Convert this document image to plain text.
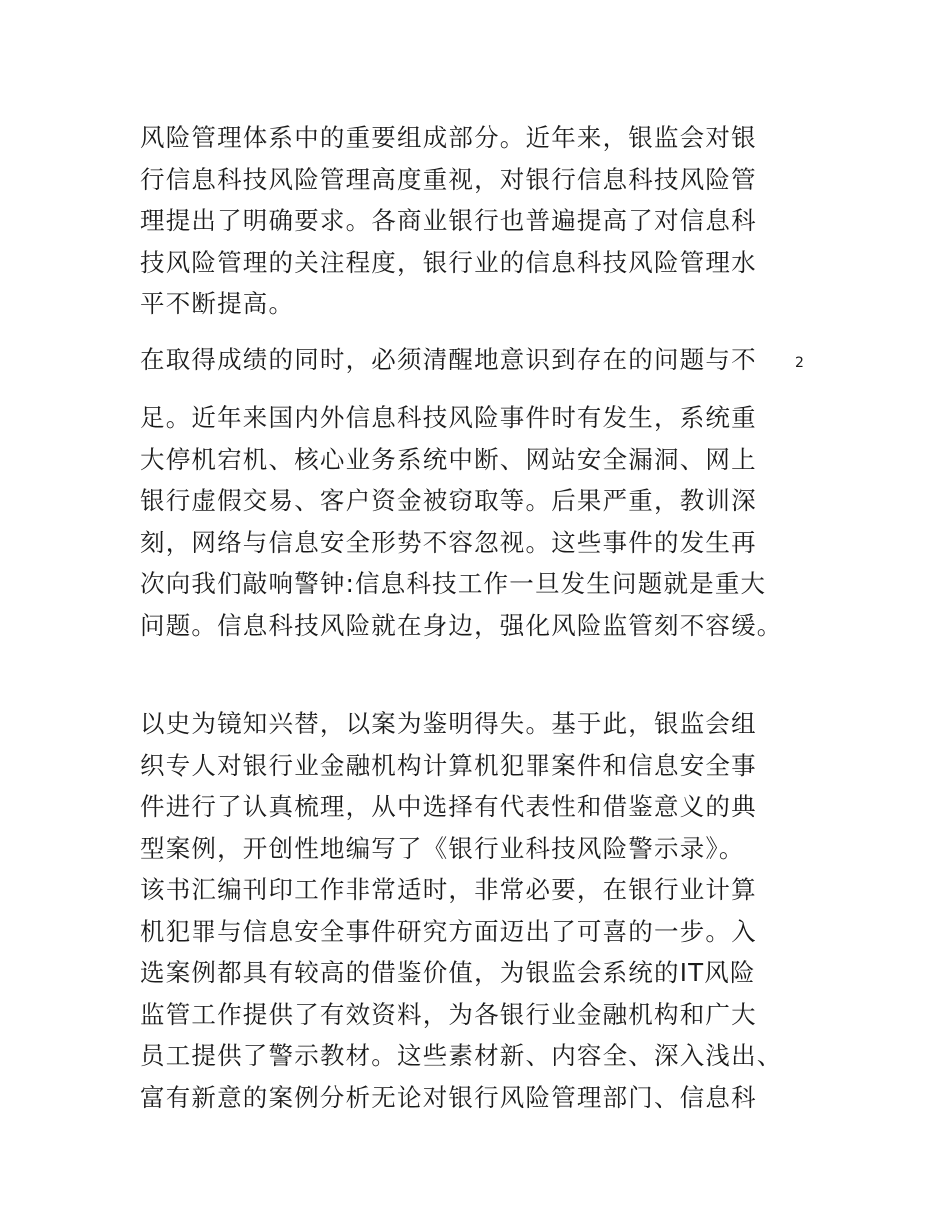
风险管理体系中的重要组成部分。近年来，银监会对银
行信息科技风险管理高度重视，对银行信息科技风险管
理提出了明确要求。各商业银行也普遍提高了对信息科
技风险管理的关注程度，银行业的信息科技风险管理水
平不断提高。

在取得成绩的同时，必须清醒地意识到存在的问题与不	2

足。近年来国内外信息科技风险事件时有发生，系统重
大停机宕机、核心业务系统中断、网站安全漏洞、网上
银行虚假交易、客户资金被窃取等。后果严重，教训深
刻，网络与信息安全形势不容忽视。这些事件的发生再
次向我们敲响警钟:信息科技工作一旦发生问题就是重大
问题。信息科技风险就在身边，强化风险监管刻不容缓。

以史为镜知兴替，以案为鉴明得失。基于此，银监会组
织专人对银行业金融机构计算机犯罪案件和信息安全事
件进行了认真梳理，从中选择有代表性和借鉴意义的典
型案例，开创性地编写了《银行业科技风险警示录》。
该书汇编刊印工作非常适时，非常必要，在银行业计算
机犯罪与信息安全事件研究方面迈出了可喜的一步。入
选案例都具有较高的借鉴价值，为银监会系统的IT风险
监管工作提供了有效资料，为各银行业金融机构和广大
员工提供了警示教材。这些素材新、内容全、深入浅出、
富有新意的案例分析无论对银行风险管理部门、信息科
